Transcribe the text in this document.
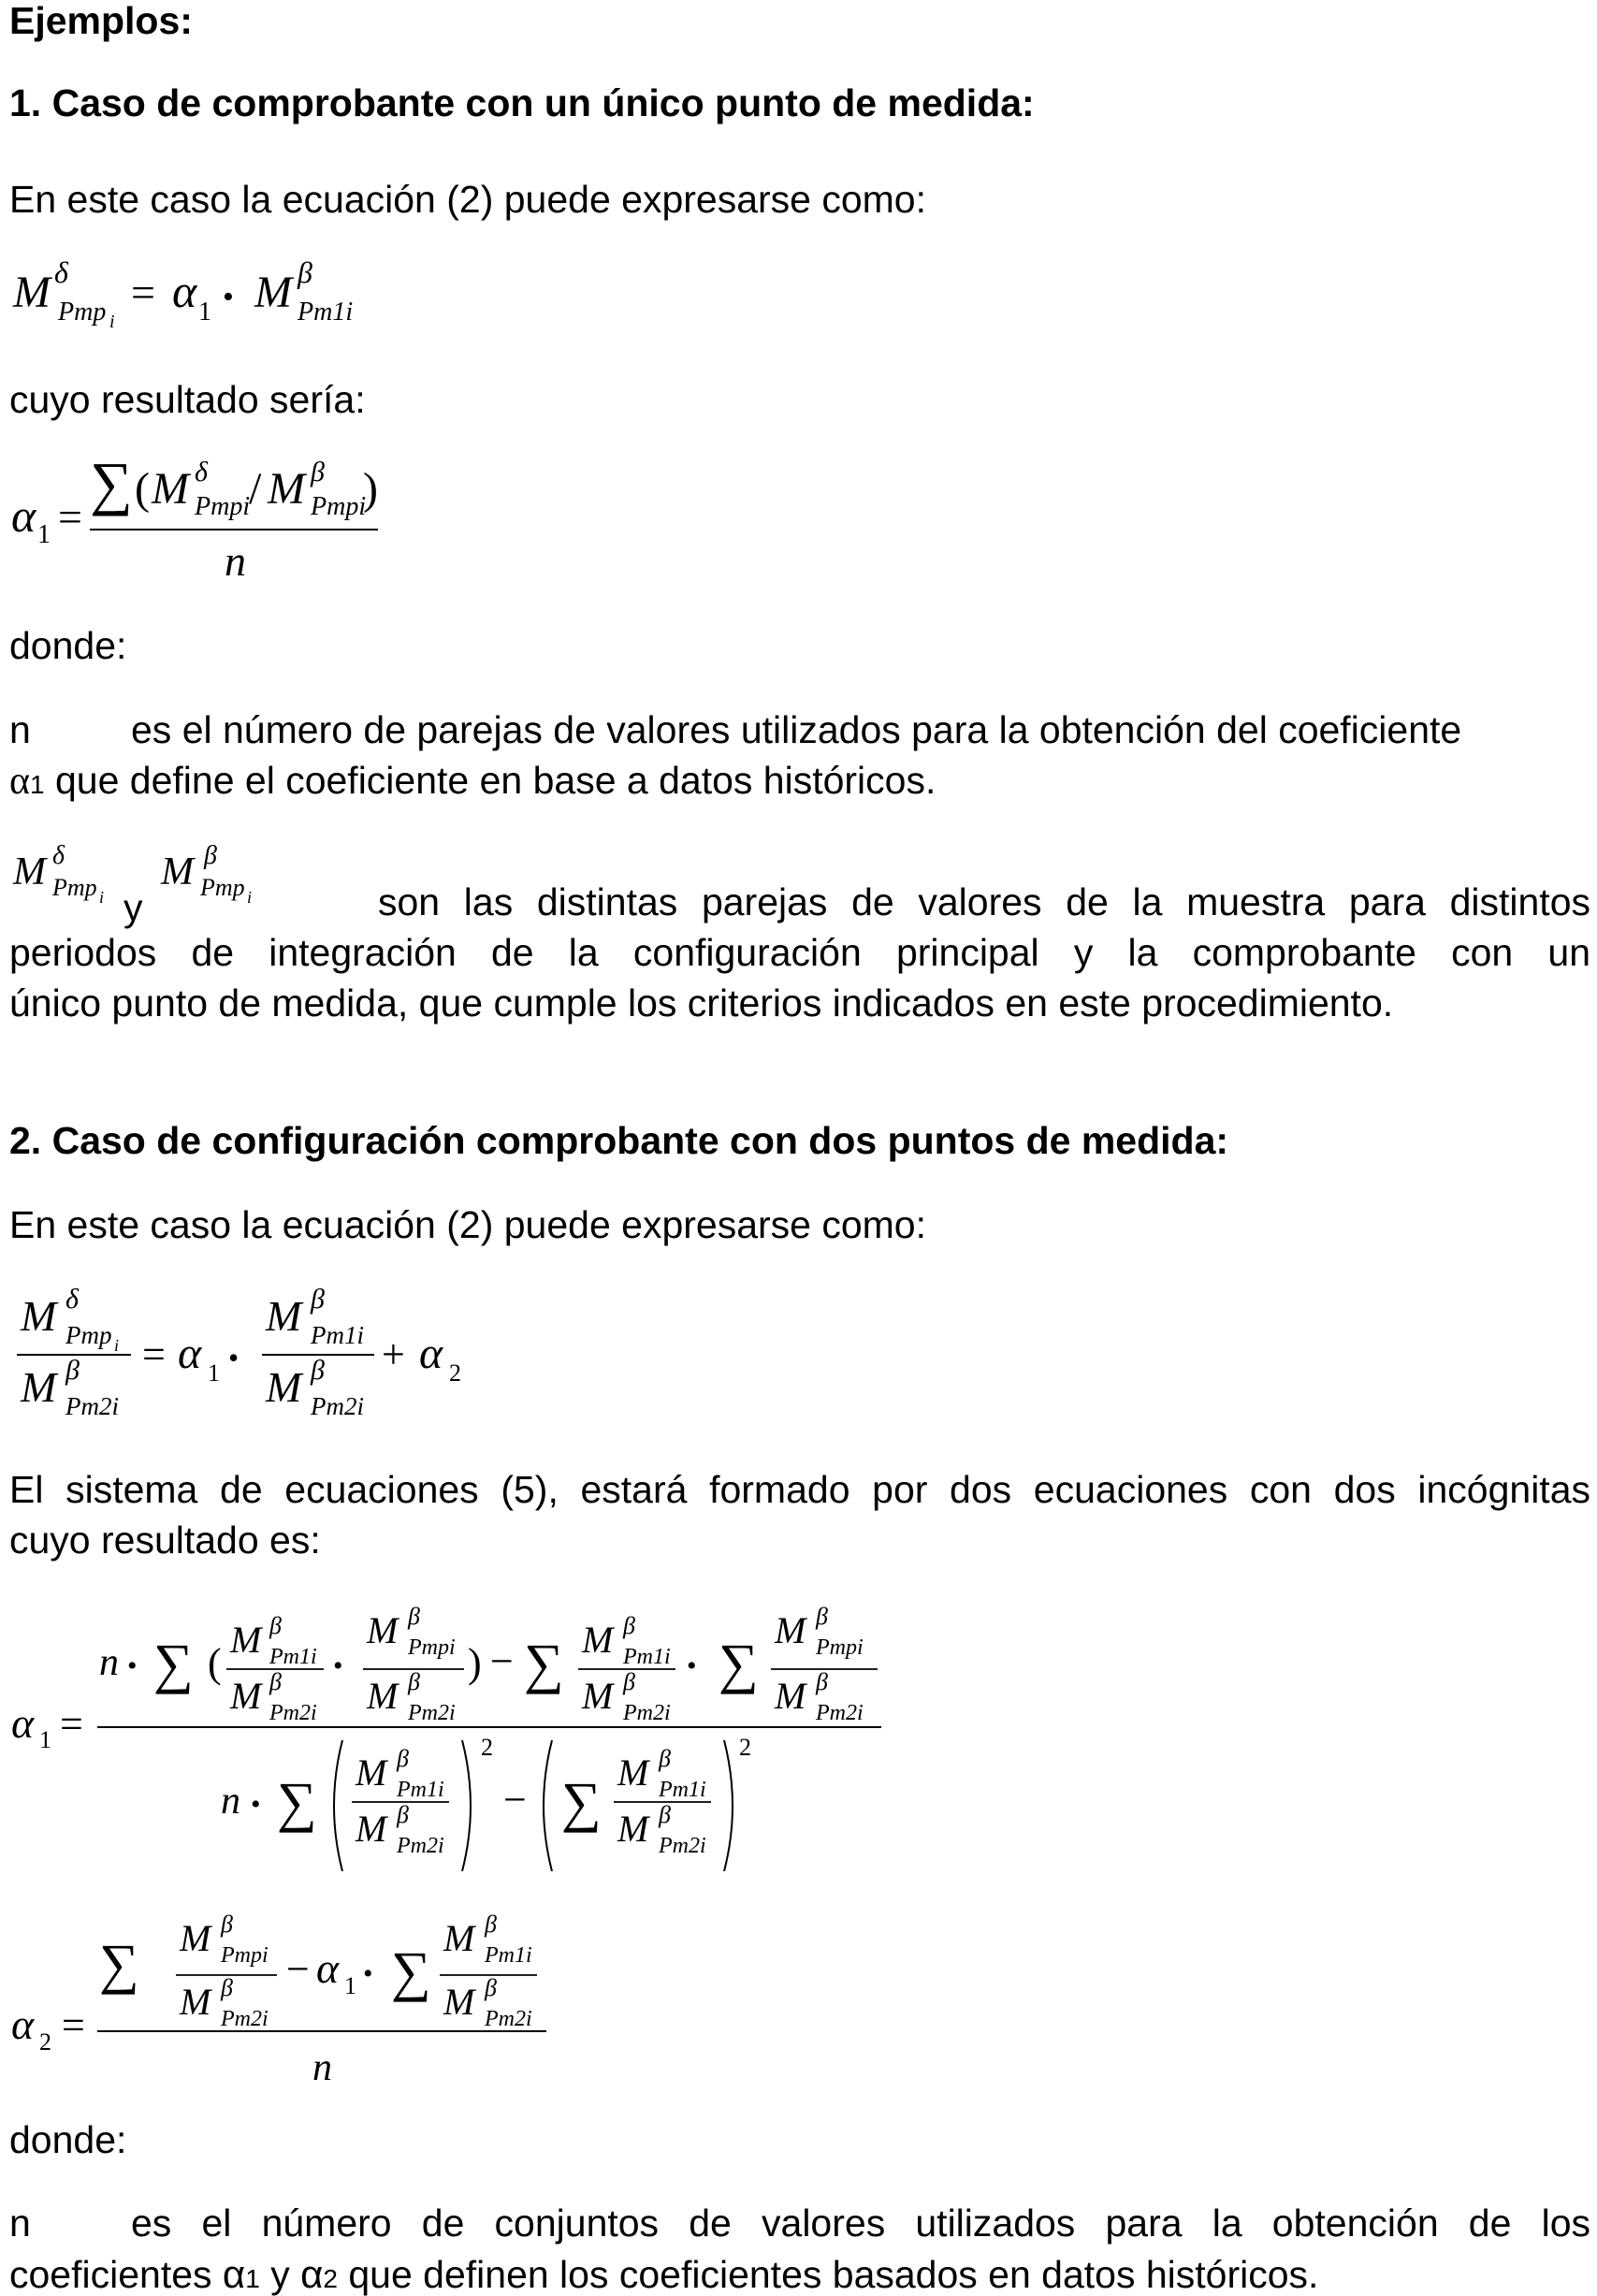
Ejemplos:
1. Caso de comprobante con un único punto de medida:
En este caso la ecuación (2) puede expresarse como:
M δ
Pmp i
= α 1 • M β
Pm1i
cuyo resultado sería:
α 1 =
∑ ( M δ
Pmpi
/ M β
Pmpi
)
n
donde:
n	es el número de parejas de valores utilizados para la obtención del coeficiente
α1 que define el coeficiente en base a datos históricos.
M δ
Pmp i
M β
Pmp i
y	son las distintas parejas de valores de la muestra para distintos
periodos de integración de la configuración principal y la comprobante con un
único punto de medida, que cumple los criterios indicados en este procedimiento.
2. Caso de configuración comprobante con dos puntos de medida:
En este caso la ecuación (2) puede expresarse como:
M δ
Pmp i
M β
Pm2i
= α 1 •
M β
Pm1i
M β
Pm2i
+ α 2
El sistema de ecuaciones (5), estará formado por dos ecuaciones con dos incógnitas
cuyo resultado es:
α 1 =
n • ∑ (
M β
Pm1i
M β
Pm2i
•
M β
Pmpi
M β
Pm2i
) − ∑ M β
Pm1i
M β
Pm2i
• ∑
M β
Pmpi
M β
Pm2i
n • ∑ M β
Pm1i
M β
Pm2i
2
− ∑ M β
Pm1i
M β
Pm2i
2
α 2 =
∑ M β
Pmpi
M β
Pm2i
− α 1 • ∑
M β
Pm1i
M β
Pm2i
n
donde:
n	es el número de conjuntos de valores utilizados para la obtención de los
coeficientes α1 y α2 que definen los coeficientes basados en datos históricos.
